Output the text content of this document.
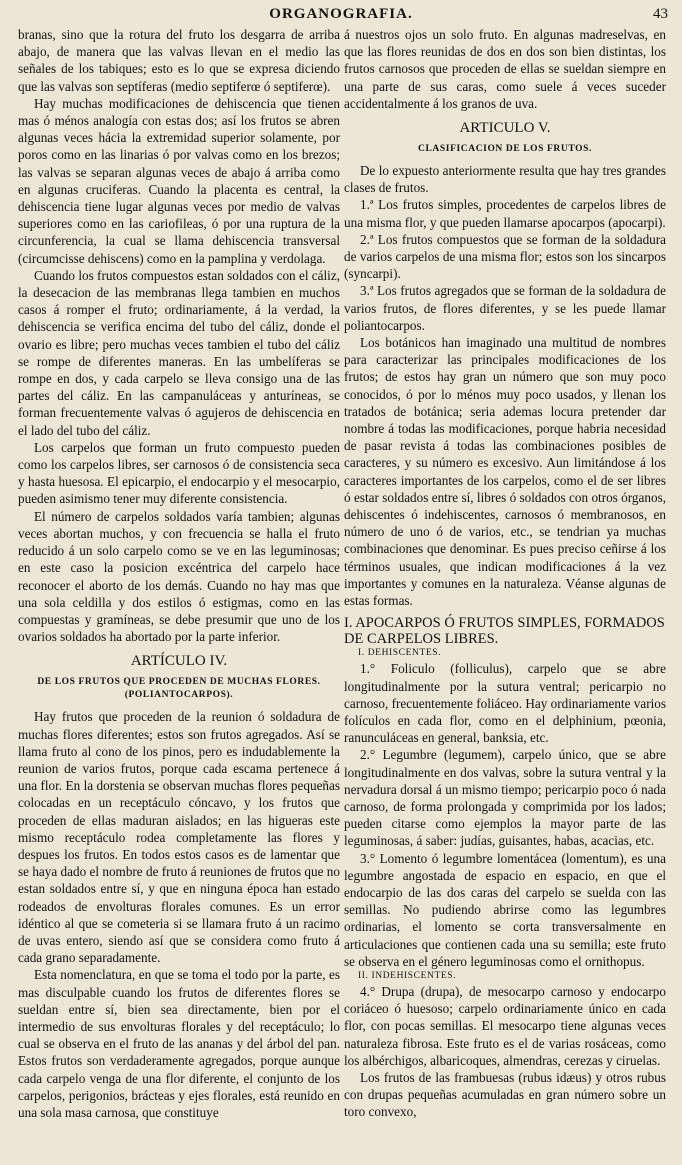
ORGANOGRAFIA.	43

branas, sino que la rotura del fruto los desgarra de arriba abajo, de manera que las valvas llevan en el medio las señales de los tabiques; esto es lo que se expresa diciendo que las valvas son septíferas (medio septiferœ ó septiferœ).

Hay muchas modificaciones de dehiscencia que tienen mas ó ménos analogía con estas dos; así los frutos se abren algunas veces hácia la extremidad superior solamente, por poros como en las linarias ó por valvas como en los brezos; las valvas se separan algunas veces de abajo á arriba como en algunas cruciferas. Cuando la placenta es central, la dehiscencia tiene lugar algunas veces por medio de valvas superiores como en las cariofileas, ó por una ruptura de la circunferencia, la cual se llama dehiscencia transversal (circumcisse dehiscens) como en la pamplina y verdolaga.

Cuando los frutos compuestos estan soldados con el cáliz, la desecacion de las membranas llega tambien en muchos casos á romper el fruto; ordinariamente, á la verdad, la dehiscencia se verifica encima del tubo del cáliz, donde el ovario es libre; pero muchas veces tambien el tubo del cáliz se rompe de diferentes maneras. En las umbelíferas se rompe en dos, y cada carpelo se lleva consigo una de las partes del cáliz. En las campanuláceas y anturíneas, se forman frecuentemente valvas ó agujeros de dehiscencia en el lado del tubo del cáliz.

Los carpelos que forman un fruto compuesto pueden como los carpelos libres, ser carnosos ó de consistencia seca y hasta huesosa. El epicarpio, el endocarpio y el mesocarpio, pueden asimismo tener muy diferente consistencia.

El número de carpelos soldados varía tambien; algunas veces abortan muchos, y con frecuencia se halla el fruto reducido á un solo carpelo como se ve en las leguminosas; en este caso la posicion excéntrica del carpelo hace reconocer el aborto de los demás. Cuando no hay mas que una sola celdilla y dos estilos ó estigmas, como en las compuestas y gramíneas, se debe presumir que uno de los ovarios soldados ha abortado por la parte inferior.

ARTÍCULO IV.
DE LOS FRUTOS QUE PROCEDEN DE MUCHAS FLORES. (POLIANTOCARPOS).

Hay frutos que proceden de la reunion ó soldadura de muchas flores diferentes; estos son frutos agregados. Así se llama fruto al cono de los pinos, pero es indudablemente la reunion de varios frutos, porque cada escama pertenece á una flor. En la dorstenia se observan muchas flores pequeñas colocadas en un receptáculo cóncavo, y los frutos que proceden de ellas maduran aislados; en las higueras este mismo receptáculo rodea completamente las flores y despues los frutos. En todos estos casos es de lamentar que se haya dado el nombre de fruto á reuniones de frutos que no estan soldados entre sí, y que en ninguna época han estado rodeados de envolturas florales comunes. Es un error idéntico al que se cometeria si se llamara fruto á un racimo de uvas entero, siendo así que se considera como fruto á cada grano separadamente.

Esta nomenclatura, en que se toma el todo por la parte, es mas disculpable cuando los frutos de diferentes flores se sueldan entre sí, bien sea directamente, bien por el intermedio de sus envolturas florales y del receptáculo; lo cual se observa en el fruto de las ananas y del árbol del pan. Estos frutos son verdaderamente agregados, porque aunque cada carpelo venga de una flor diferente, el conjunto de los carpelos, perigonios, brácteas y ejes florales, está reunido en una sola masa carnosa, que constituye

á nuestros ojos un solo fruto. En algunas madreselvas, en que las flores reunidas de dos en dos son bien distintas, los frutos carnosos que proceden de ellas se sueldan siempre en una parte de sus caras, como suele á veces suceder accidentalmente á los granos de uva.

ARTICULO V.
CLASIFICACION DE LOS FRUTOS.

De lo expuesto anteriormente resulta que hay tres grandes clases de frutos.

1.ª Los frutos simples, procedentes de carpelos libres de una misma flor, y que pueden llamarse apocarpos (apocarpi).

2.ª Los frutos compuestos que se forman de la soldadura de varios carpelos de una misma flor; estos son los sincarpos (syncarpi).

3.ª Los frutos agregados que se forman de la soldadura de varios frutos, de flores diferentes, y se les puede llamar poliantocarpos.

Los botánicos han imaginado una multitud de nombres para caracterizar las principales modificaciones de los frutos; de estos hay gran un número que son muy poco conocidos, ó por lo ménos muy poco usados, y llenan los tratados de botánica; seria ademas locura pretender dar nombre á todas las modificaciones, porque habria necesidad de pasar revista á todas las combinaciones posibles de caracteres, y su número es excesivo. Aun limitándose á los caracteres importantes de los carpelos, como el de ser libres ó estar soldados entre sí, libres ó soldados con otros órganos, dehiscentes ó indehiscentes, carnosos ó membranosos, en número de uno ó de varios, etc., se tendrian ya muchas combinaciones que denominar. Es pues preciso ceñirse á los términos usuales, que indican modificaciones á la vez importantes y comunes en la naturaleza. Véanse algunas de estas formas.

I. APOCARPOS Ó FRUTOS SIMPLES, FORMADOS DE CARPELOS LIBRES.
I. DEHISCENTES.

1.° Foliculo (folliculus), carpelo que se abre longitudinalmente por la sutura ventral; pericarpio no carnoso, frecuentemente foliáceo. Hay ordinariamente varios folículos en cada flor, como en el delphinium, pœonia, ranunculáceas en general, banksia, etc.

2.° Legumbre (legumem), carpelo único, que se abre longitudinalmente en dos valvas, sobre la sutura ventral y la nervadura dorsal á un mismo tiempo; pericarpio poco ó nada carnoso, de forma prolongada y comprimida por los lados; pueden citarse como ejemplos la mayor parte de las leguminosas, á saber: judías, guisantes, habas, acacias, etc.

3.° Lomento ó legumbre lomentácea (lomentum), es una legumbre angostada de espacio en espacio, en que el endocarpio de las dos caras del carpelo se suelda con las semillas. No pudiendo abrirse como las legumbres ordinarias, el lomento se corta transversalmente en articulaciones que contienen cada una su semilla; este fruto se observa en el género leguminosas como el ornithopus.

II. INDEHISCENTES.

4.° Drupa (drupa), de mesocarpo carnoso y endocarpo coriáceo ó huesoso; carpelo ordinariamente único en cada flor, con pocas semillas. El mesocarpo tiene algunas veces naturaleza fibrosa. Este fruto es el de varias rosáceas, como los albérchigos, albaricoques, almendras, cerezas y ciruelas.

Los frutos de las frambuesas (rubus idæus) y otros rubus con drupas pequeñas acumuladas en gran número sobre un toro convexo,
